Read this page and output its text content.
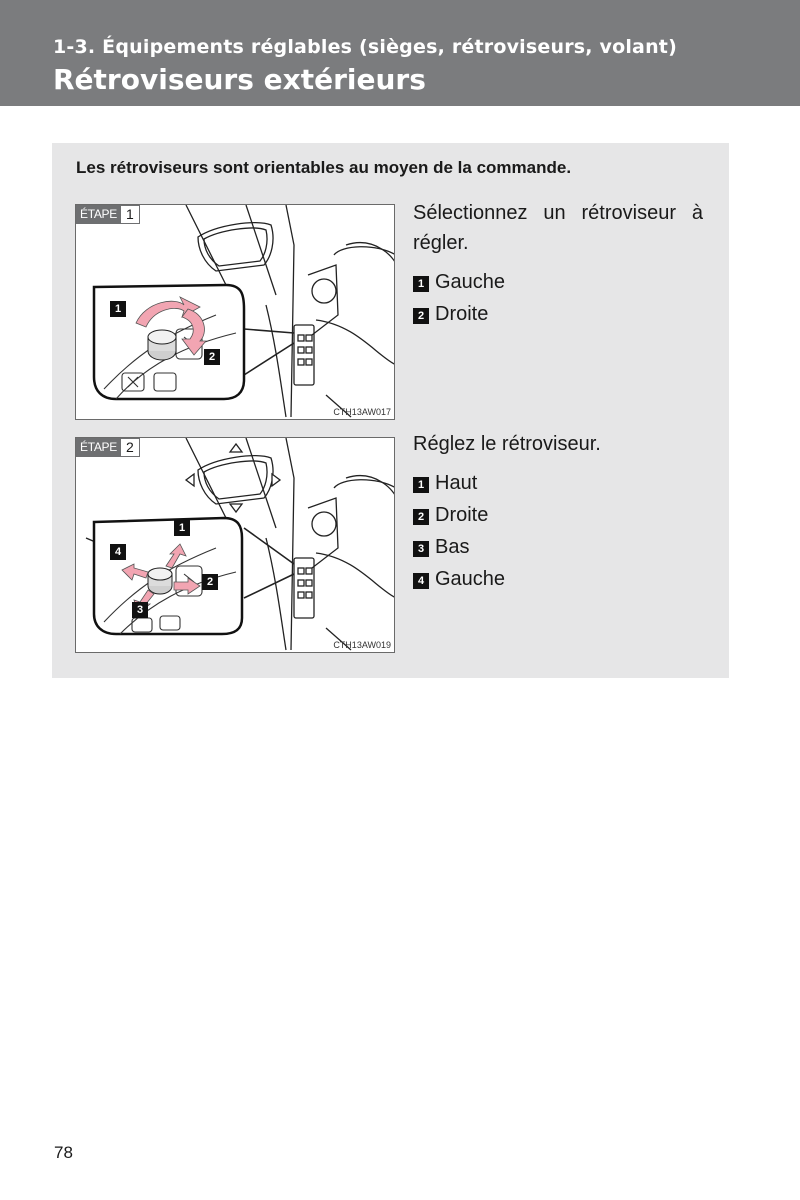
1-3. Équipements réglables (sièges, rétroviseurs, volant)
Rétroviseurs extérieurs
Les rétroviseurs sont orientables au moyen de la commande.
ÉTAPE 1
1
2
CTH13AW017

Sélectionnez un rétroviseur à régler.

1 Gauche
2 Droite
ÉTAPE 2
1
2
3
4
CTH13AW019

Réglez le rétroviseur.

1 Haut
2 Droite
3 Bas
4 Gauche
78
